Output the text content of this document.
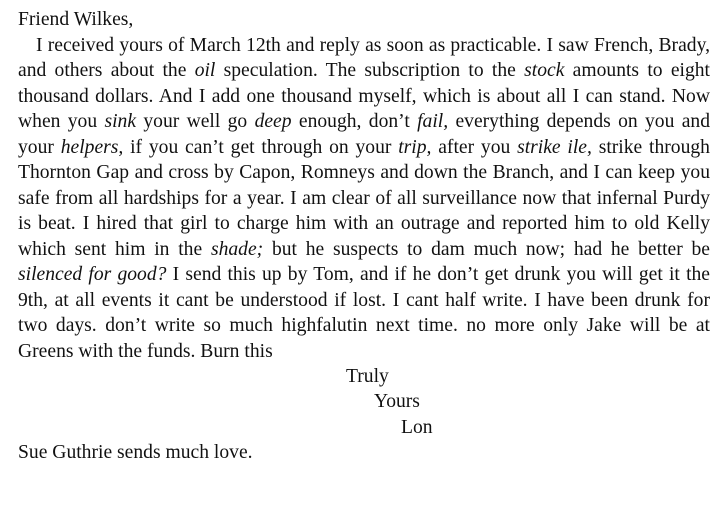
Friend Wilkes,

I received yours of March 12th and reply as soon as practicable. I saw French, Brady, and others about the oil speculation. The subscription to the stock amounts to eight thousand dollars. And I add one thousand myself, which is about all I can stand. Now when you sink your well go deep enough, don’t fail, everything depends on you and your helpers, if you can’t get through on your trip, after you strike ile, strike through Thornton Gap and cross by Capon, Romneys and down the Branch, and I can keep you safe from all hardships for a year. I am clear of all surveillance now that infernal Purdy is beat. I hired that girl to charge him with an outrage and reported him to old Kelly which sent him in the shade; but he suspects to dam much now; had he better be silenced for good? I send this up by Tom, and if he don’t get drunk you will get it the 9th, at all events it cant be understood if lost. I cant half write. I have been drunk for two days. don’t write so much highfalutin next time. no more only Jake will be at Greens with the funds. Burn this

Truly
Yours
Lon

Sue Guthrie sends much love.
